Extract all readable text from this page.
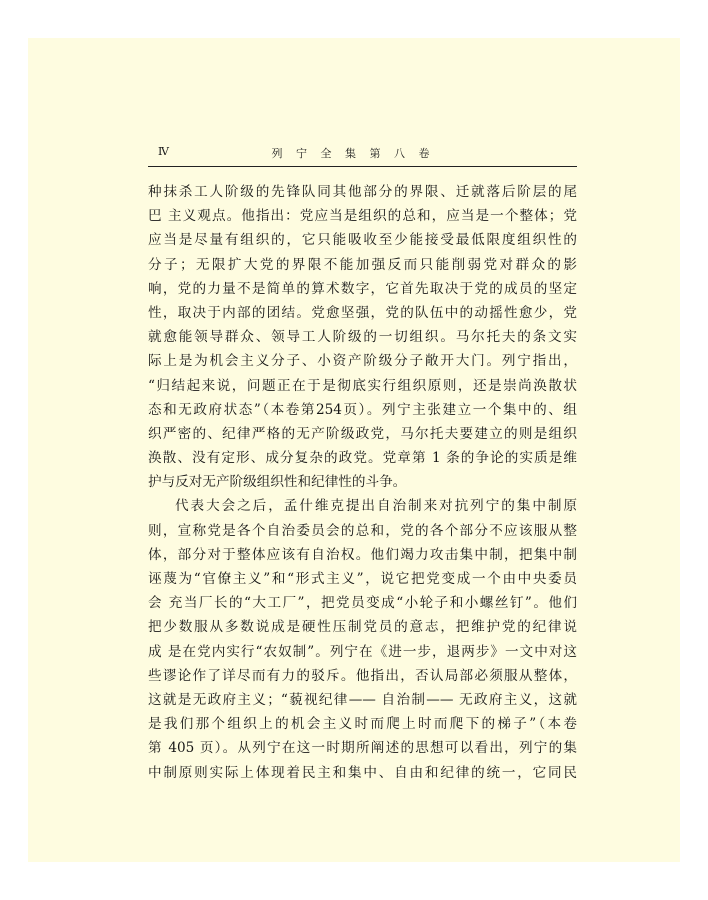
Ⅳ	列 宁 全 集 第 八 卷
种抹杀工人阶级的先锋队同其他部分的界限、迁就落后阶层的尾
巴 主义观点。他指出：党应当是组织的总和，应当是一个整体；党
应当是尽量有组织的，它只能吸收至少能接受最低限度组织性的
分子；无限扩大党的界限不能加强反而只能削弱党对群众的影
响，党的力量不是简单的算术数字，它首先取决于党的成员的坚定
性，取决于内部的团结。党愈坚强，党的队伍中的动摇性愈少，党
就愈能领导群众、领导工人阶级的一切组织。马尔托夫的条文实
际上是为机会主义分子、小资产阶级分子敞开大门。列宁指出，
“归结起来说，问题正在于是彻底实行组织原则，还是崇尚涣散状
态和无政府状态”（本卷第254页）。列宁主张建立一个集中的、组
织严密的、纪律严格的无产阶级政党，马尔托夫要建立的则是组织
涣散、没有定形、成分复杂的政党。党章第 1 条的争论的实质是维
护与反对无产阶级组织性和纪律性的斗争。
代表大会之后，孟什维克提出自治制来对抗列宁的集中制原
则，宣称党是各个自治委员会的总和，党的各个部分不应该服从整
体，部分对于整体应该有自治权。他们竭力攻击集中制，把集中制
诬蔑为“官僚主义”和“形式主义”，说它把党变成一个由中央委员
会 充当厂长的“大工厂”，把党员变成“小轮子和小螺丝钉”。他们
把少数服从多数说成是硬性压制党员的意志，把维护党的纪律说
成 是在党内实行“农奴制”。列宁在《进一步，退两步》一文中对这
些谬论作了详尽而有力的驳斥。他指出，否认局部必须服从整体，
这就是无政府主义；“藐视纪律—— 自治制—— 无政府主义，这就
是我们那个组织上的机会主义时而爬上时而爬下的梯子”（本卷
第 405 页）。从列宁在这一时期所阐述的思想可以看出，列宁的集
中制原则实际上体现着民主和集中、自由和纪律的统一，它同民
